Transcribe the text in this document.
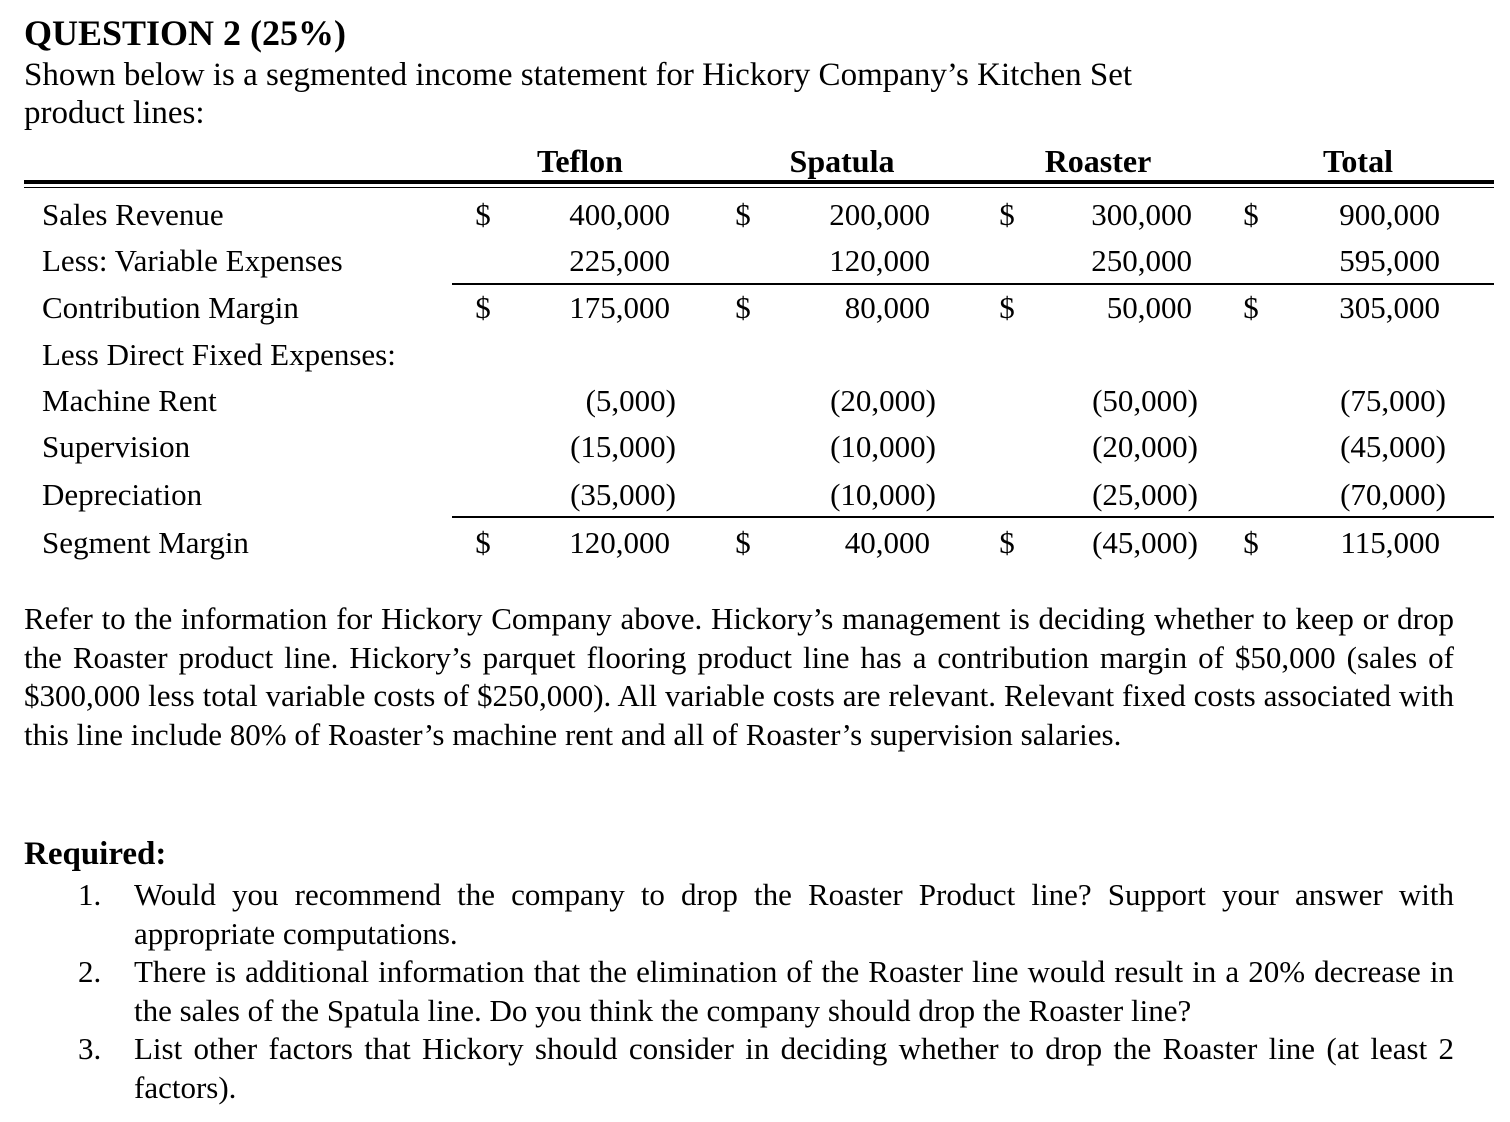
QUESTION 2 (25%)
Shown below is a segmented income statement for Hickory Company’s Kitchen Set product lines:
Teflon	Spatula	Roaster	Total
Sales Revenue	$	400,000 $	200,000 $	300,000 $	900,000
Less: Variable Expenses	225,000	120,000	250,000	595,000
Contribution Margin	$	175,000 $	80,000 $	50,000 $	305,000
Less Direct Fixed Expenses:
Machine Rent	(5,000)	(20,000)	(50,000)	(75,000)
Supervision	(15,000)	(10,000)	(20,000)	(45,000)
Depreciation	(35,000)	(10,000)	(25,000)	(70,000)
Segment Margin	$	120,000 $	40,000 $	(45,000) $	115,000
Refer to the information for Hickory Company above. Hickory’s management is deciding whether to keep or drop the Roaster product line. Hickory’s parquet flooring product line has a contribution margin of $50,000 (sales of $300,000 less total variable costs of $250,000). All variable costs are relevant. Relevant fixed costs associated with this line include 80% of Roaster’s machine rent and all of Roaster’s supervision salaries.
Required:
1.	Would you recommend the company to drop the Roaster Product line? Support your answer with appropriate computations.
2.	There is additional information that the elimination of the Roaster line would result in a 20% decrease in the sales of the Spatula line. Do you think the company should drop the Roaster line?
3.	List other factors that Hickory should consider in deciding whether to drop the Roaster line (at least 2 factors).
